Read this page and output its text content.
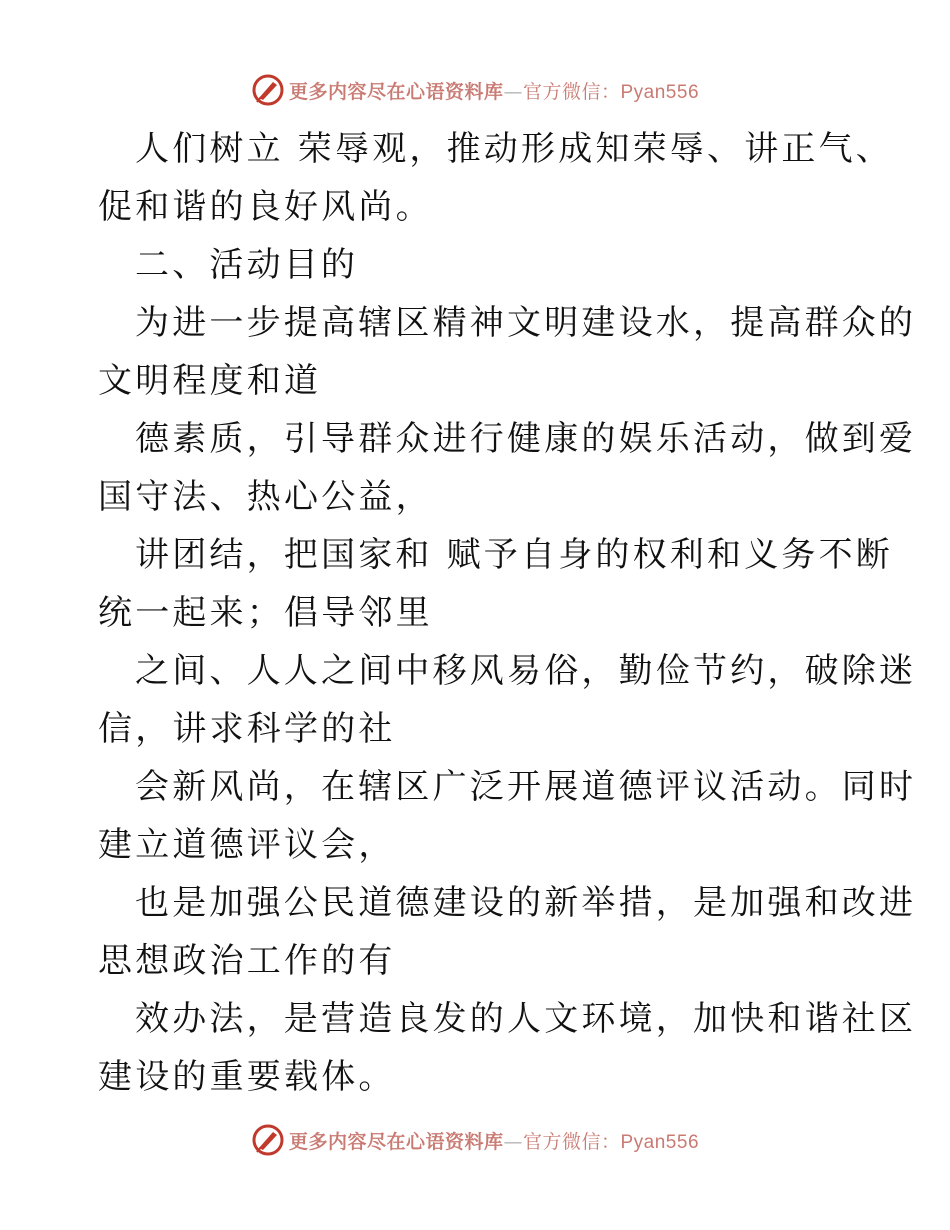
更多内容尽在心语资料库—官方微信：Pyan556
人们树立 荣辱观，推动形成知荣辱、讲正气、
促和谐的良好风尚。
二、活动目的
为进一步提高辖区精神文明建设水，提高群众的
文明程度和道
德素质，引导群众进行健康的娱乐活动，做到爱
国守法、热心公益，
讲团结，把国家和 赋予自身的权利和义务不断
统一起来；倡导邻里
之间、人人之间中移风易俗，勤俭节约，破除迷
信，讲求科学的社
会新风尚，在辖区广泛开展道德评议活动。同时
建立道德评议会，
也是加强公民道德建设的新举措，是加强和改进
思想政治工作的有
效办法，是营造良发的人文环境，加快和谐社区
建设的重要载体。
更多内容尽在心语资料库—官方微信：Pyan556
